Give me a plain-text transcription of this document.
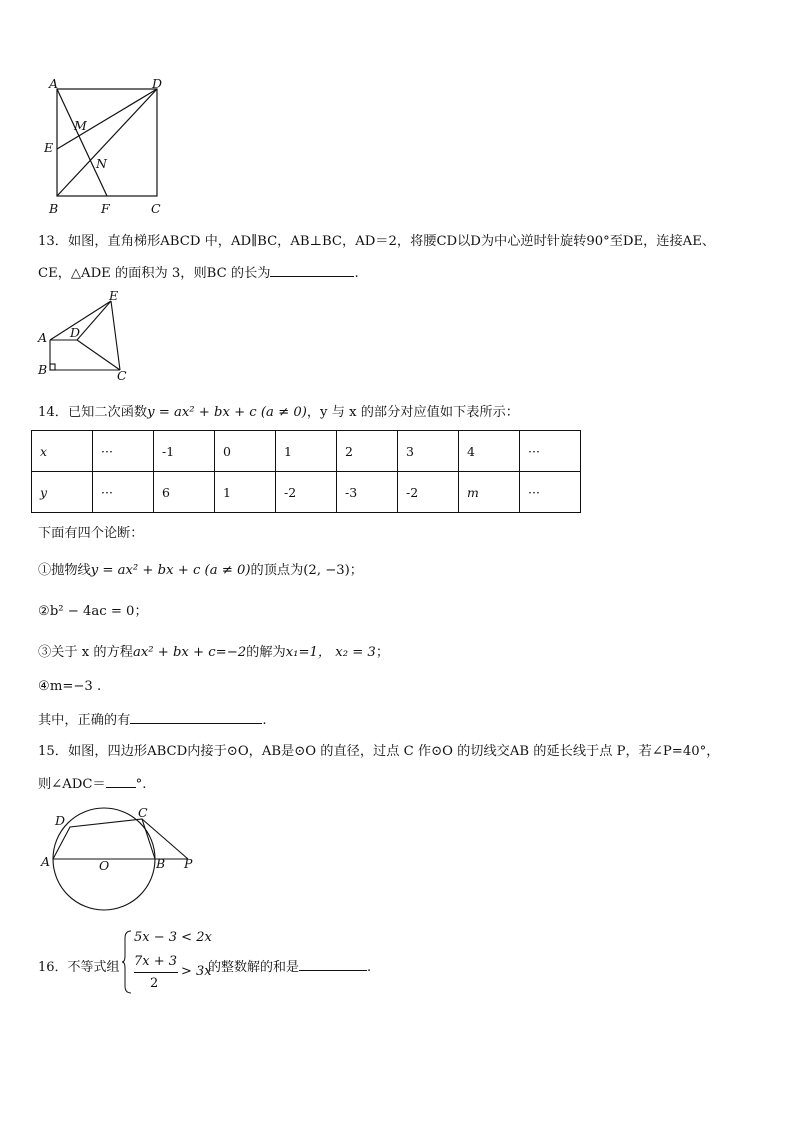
A	D
M
E
N
B	F	C
13．如图，直角梯形ABCD 中，AD∥BC，AB⊥BC，AD＝2，将腰CD以D为中心逆时针旋转90°至DE，连接AE、
CE，△ADE 的面积为 3，则BC 的长为	.
E
A D
B	C
14．已知二次函数y = ax² + bx + c (a ≠ 0)，y 与 x 的部分对应值如下表所示：
x	···	-1	0	1	2	3	4	···
y	···	6	1	-2	-3	-2	m	···
下面有四个论断：
①抛物线y = ax² + bx + c (a ≠ 0)的顶点为(2, −3)；
②b² − 4ac = 0；
③关于 x 的方程ax² + bx + c=−2的解为x₁=1， x₂ = 3；
④m=−3 .
其中，正确的有	.
15．如图，四边形ABCD内接于⊙O，AB是⊙O 的直径，过点 C 作⊙O 的切线交AB 的延长线于点 P，若∠P=40°，
则∠ADC＝ °.
D
C
A	O	B P
16．不等式组
5x − 3 < 2x
7x + 3
2
> 3x
的整数解的和是	.
